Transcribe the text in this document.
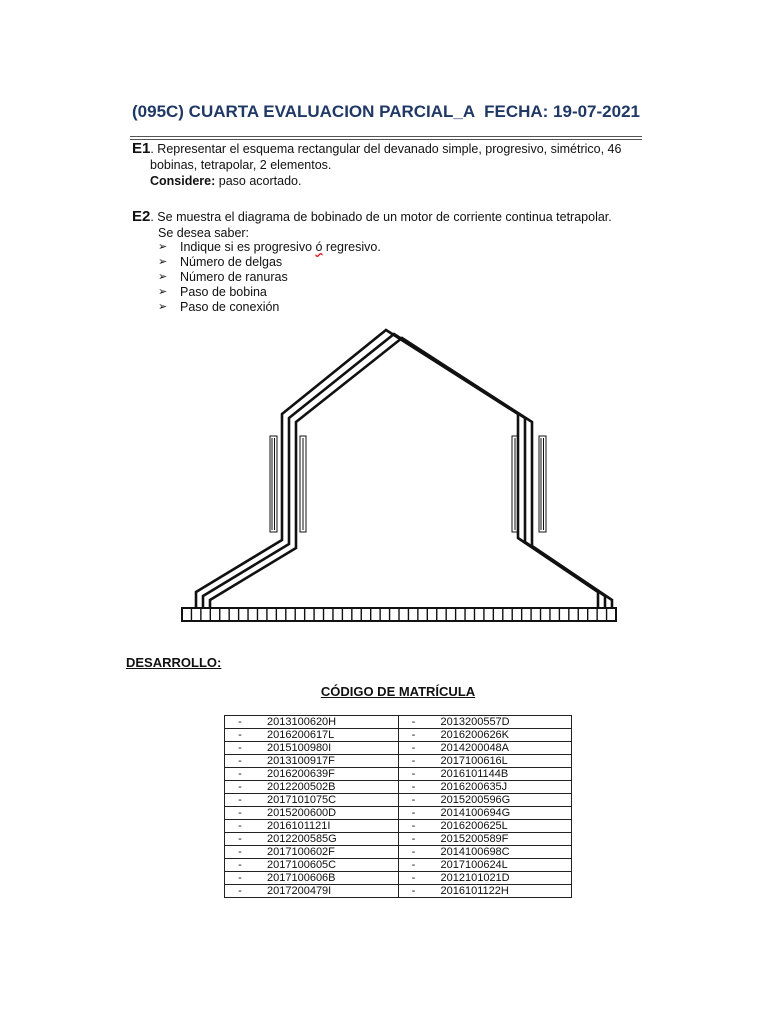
(095C) CUARTA EVALUACION PARCIAL_A FECHA: 19-07-2021
E1. Representar el esquema rectangular del devanado simple, progresivo, simétrico, 46
bobinas, tetrapolar, 2 elementos.
Considere: paso acortado.
E2. Se muestra el diagrama de bobinado de un motor de corriente continua tetrapolar.
Se desea saber:
➢ Indique si es progresivo ó regresivo.
➢ Número de delgas
➢ Número de ranuras
➢ Paso de bobina
➢ Paso de conexión
DESARROLLO:
CÓDIGO DE MATRÍCULA
- 2013100620H	- 2013200557D
- 2016200617L	- 2016200626K
- 2015100980I	- 2014200048A
- 2013100917F	- 2017100616L
- 2016200639F	- 2016101144B
- 2012200502B	- 2016200635J
- 2017101075C	- 2015200596G
- 2015200600D	- 2014100694G
- 2016101121I	- 2016200625L
- 2012200585G	- 2015200589F
- 2017100602F	- 2014100698C
- 2017100605C	- 2017100624L
- 2017100606B	- 2012101021D
- 2017200479I	- 2016101122H
